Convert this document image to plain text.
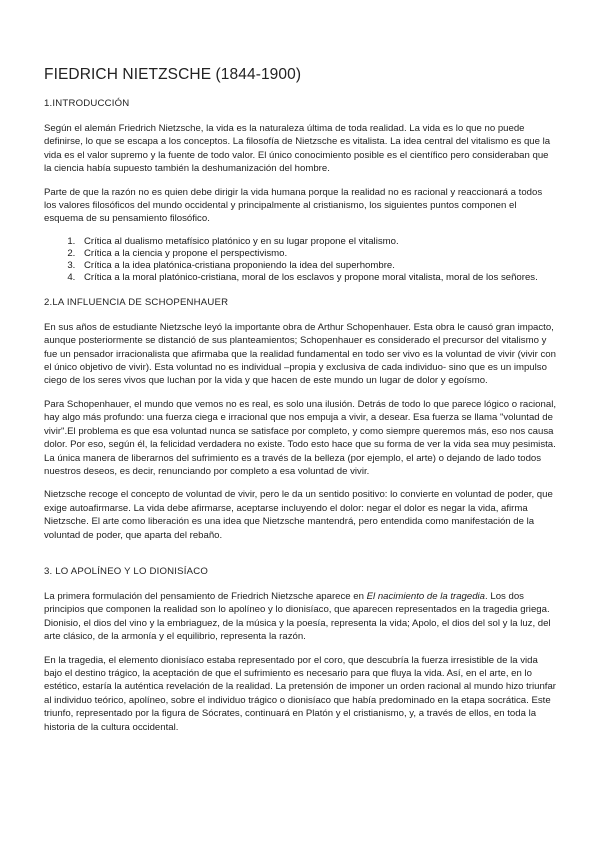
FIEDRICH NIETZSCHE (1844-1900)
1.INTRODUCCIÓN

Según el alemán Friedrich Nietzsche, la vida es la naturaleza última de toda realidad. La vida es lo que no puede definirse, lo que se escapa a los conceptos. La filosofía de Nietzsche es vitalista. La idea central del vitalismo es que la vida es el valor supremo y la fuente de todo valor. El único conocimiento posible es el científico pero consideraban que la ciencia había supuesto también la deshumanización del hombre.

Parte de que la razón no es quien debe dirigir la vida humana porque la realidad no es racional y reaccionará a todos los valores filosóficos del mundo occidental y principalmente al cristianismo, los siguientes puntos componen el esquema de su pensamiento filosófico.

1. Crítica al dualismo metafísico platónico y en su lugar propone el vitalismo.
2. Crítica a la ciencia y propone el perspectivismo.
3. Crítica a la idea platónica-cristiana proponiendo la idea del superhombre.
4. Crítica a la moral platónico-cristiana, moral de los esclavos y propone moral vitalista, moral de los señores.
2.LA INFLUENCIA DE SCHOPENHAUER

En sus años de estudiante Nietzsche leyó la importante obra de Arthur Schopenhauer. Esta obra le causó gran impacto, aunque posteriormente se distanció de sus planteamientos; Schopenhauer es considerado el precursor del vitalismo y fue un pensador irracionalista que afirmaba que la realidad fundamental en todo ser vivo es la voluntad de vivir (vivir con el único objetivo de vivir). Esta voluntad no es individual –propia y exclusiva de cada individuo- sino que es un impulso ciego de los seres vivos que luchan por la vida y que hacen de este mundo un lugar de dolor y egoísmo.

Para Schopenhauer, el mundo que vemos no es real, es solo una ilusión. Detrás de todo lo que parece lógico o racional, hay algo más profundo: una fuerza ciega e irracional que nos empuja a vivir, a desear. Esa fuerza se llama "voluntad de vivir".El problema es que esa voluntad nunca se satisface por completo, y como siempre queremos más, eso nos causa dolor. Por eso, según él, la felicidad verdadera no existe. Todo esto hace que su forma de ver la vida sea muy pesimista. La única manera de liberarnos del sufrimiento es a través de la belleza (por ejemplo, el arte) o dejando de lado todos nuestros deseos, es decir, renunciando por completo a esa voluntad de vivir.

Nietzsche recoge el concepto de voluntad de vivir, pero le da un sentido positivo: lo convierte en voluntad de poder, que exige autoafirmarse. La vida debe afirmarse, aceptarse incluyendo el dolor: negar el dolor es negar la vida, afirma Nietzsche. El arte como liberación es una idea que Nietzsche mantendrá, pero entendida como manifestación de la voluntad de poder, que aparta del rebaño.

3. LO APOLÍNEO Y LO DIONISÍACO

La primera formulación del pensamiento de Friedrich Nietzsche aparece en El nacimiento de la tragedia. Los dos principios que componen la realidad son lo apolíneo y lo dionisíaco, que aparecen representados en la tragedia griega. Dionisio, el dios del vino y la embriaguez, de la música y la poesía, representa la vida; Apolo, el dios del sol y la luz, del arte clásico, de la armonía y el equilibrio, representa la razón.

En la tragedia, el elemento dionisíaco estaba representado por el coro, que descubría la fuerza irresistible de la vida bajo el destino trágico, la aceptación de que el sufrimiento es necesario para que fluya la vida. Así, en el arte, en lo estético, estaría la auténtica revelación de la realidad. La pretensión de imponer un orden racional al mundo hizo triunfar al individuo teórico, apolíneo, sobre el individuo trágico o dionisíaco que había predominado en la etapa socrática. Este triunfo, representado por la figura de Sócrates, continuará en Platón y el cristianismo, y, a través de ellos, en toda la historia de la cultura occidental.
